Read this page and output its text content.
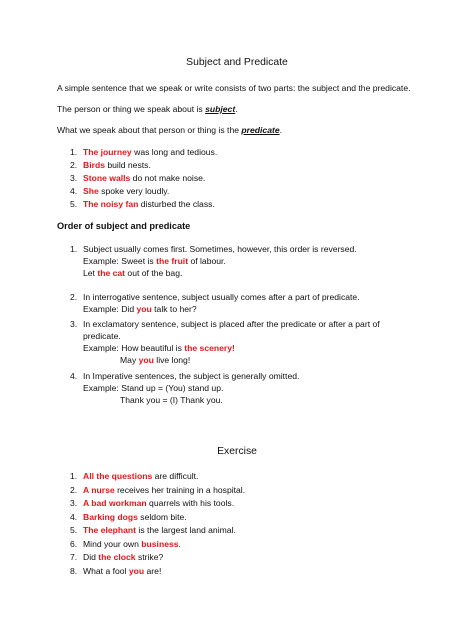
Subject and Predicate

A simple sentence that we speak or write consists of two parts: the subject and the predicate.

The person or thing we speak about is subject.

What we speak about that person or thing is the predicate.

1. The journey was long and tedious.
2. Birds build nests.
3. Stone walls do not make noise.
4. She spoke very loudly.
5. The noisy fan disturbed the class.
Order of subject and predicate
1. Subject usually comes first. Sometimes, however, this order is reversed.
Example: Sweet is the fruit of labour.
Let the cat out of the bag.
2. In interrogative sentence, subject usually comes after a part of predicate.
Example: Did you talk to her?
3. In exclamatory sentence, subject is placed after the predicate or after a part of
predicate.
Example: How beautiful is the scenery!
May you live long!
4. In Imperative sentences, the subject is generally omitted.
Example: Stand up = (You) stand up.
Thank you = (I) Thank you.
Exercise
1. All the questions are difficult.
2. A nurse receives her training in a hospital.
3. A bad workman quarrels with his tools.
4. Barking dogs seldom bite.
5. The elephant is the largest land animal.
6. Mind your own business.
7. Did the clock strike?
8. What a fool you are!
